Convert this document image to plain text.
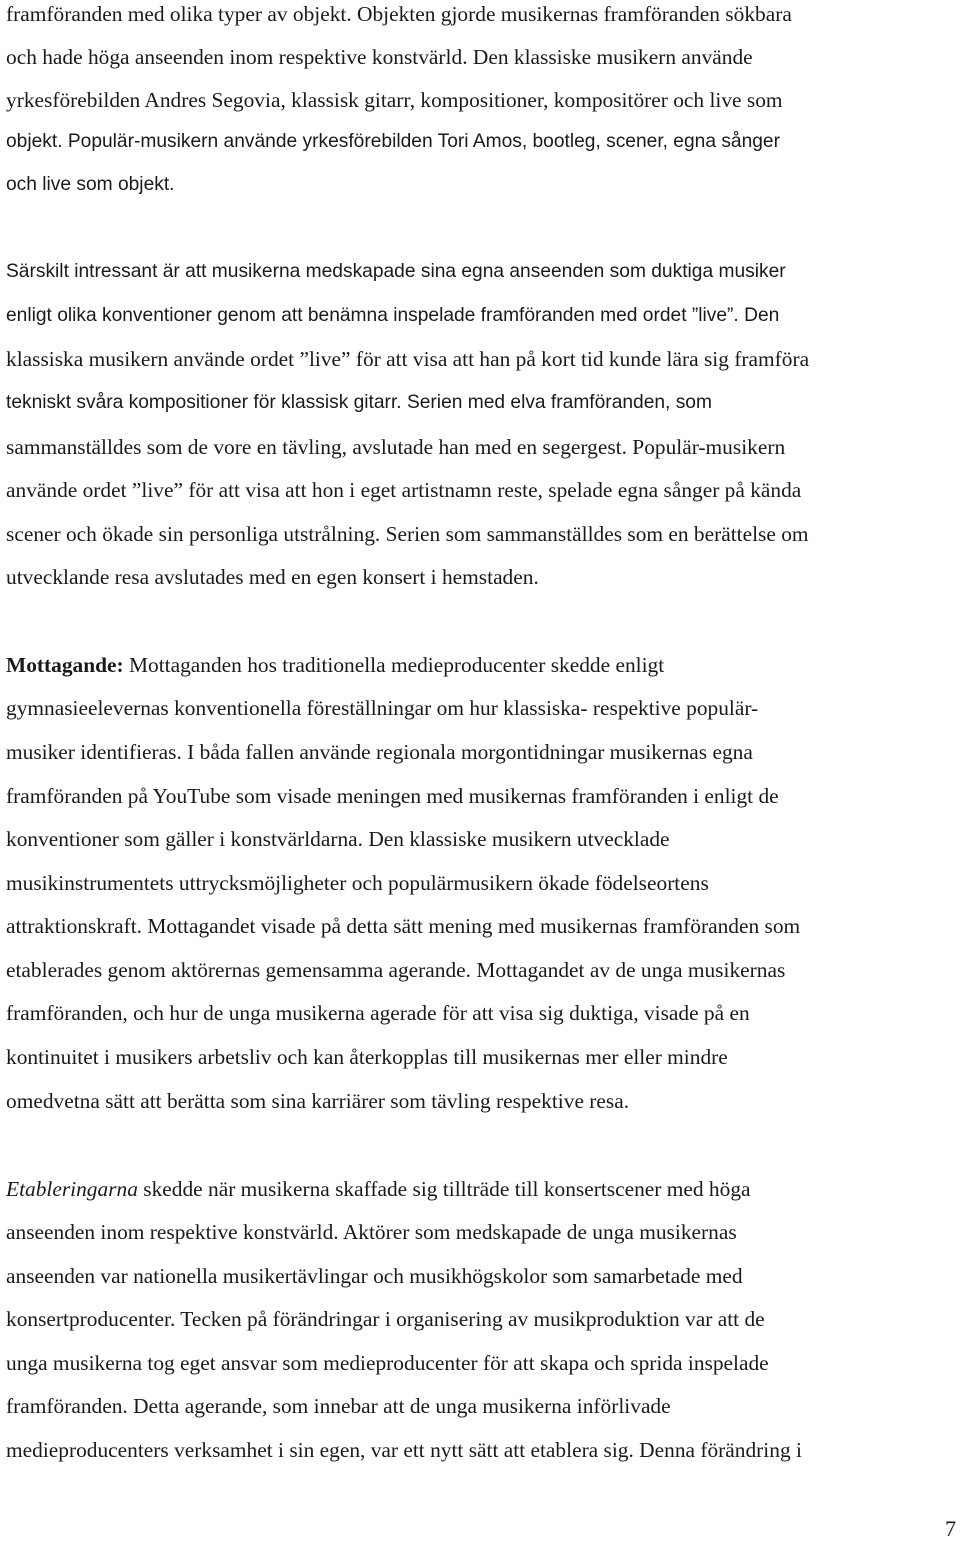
framföranden med olika typer av objekt. Objekten gjorde musikernas framföranden sökbara
och hade höga anseenden inom respektive konstvärld. Den klassiske musikern använde
yrkesförebilden Andres Segovia, klassisk gitarr, kompositioner, kompositörer och live som
objekt. Populär-musikern använde yrkesförebilden Tori Amos, bootleg, scener, egna sånger
och live som objekt.
Särskilt intressant är att musikerna medskapade sina egna anseenden som duktiga musiker
enligt olika konventioner genom att benämna inspelade framföranden med ordet ”live”. Den
klassiska musikern använde ordet ”live” för att visa att han på kort tid kunde lära sig framföra
tekniskt svåra kompositioner för klassisk gitarr. Serien med elva framföranden, som
sammanställdes som de vore en tävling, avslutade han med en segergest. Populär-musikern
använde ordet ”live” för att visa att hon i eget artistnamn reste, spelade egna sånger på kända
scener och ökade sin personliga utstrålning. Serien som sammanställdes som en berättelse om
utvecklande resa avslutades med en egen konsert i hemstaden.
Mottagande: Mottaganden hos traditionella medieproducenter skedde enligt
gymnasieelevernas konventionella föreställningar om hur klassiska- respektive populär-
musiker identifieras. I båda fallen använde regionala morgontidningar musikernas egna
framföranden på YouTube som visade meningen med musikernas framföranden i enligt de
konventioner som gäller i konstvärldarna. Den klassiske musikern utvecklade
musikinstrumentets uttrycksmöjligheter och populärmusikern ökade födelseortens
attraktionskraft. Mottagandet visade på detta sätt mening med musikernas framföranden som
etablerades genom aktörernas gemensamma agerande. Mottagandet av de unga musikernas
framföranden, och hur de unga musikerna agerade för att visa sig duktiga, visade på en
kontinuitet i musikers arbetsliv och kan återkopplas till musikernas mer eller mindre
omedvetna sätt att berätta som sina karriärer som tävling respektive resa.
Etableringarna skedde när musikerna skaffade sig tillträde till konsertscener med höga
anseenden inom respektive konstvärld. Aktörer som medskapade de unga musikernas
anseenden var nationella musikertävlingar och musikhögskolor som samarbetade med
konsertproducenter. Tecken på förändringar i organisering av musikproduktion var att de
unga musikerna tog eget ansvar som medieproducenter för att skapa och sprida inspelade
framföranden. Detta agerande, som innebar att de unga musikerna införlivade
medieproducenters verksamhet i sin egen, var ett nytt sätt att etablera sig. Denna förändring i
7
